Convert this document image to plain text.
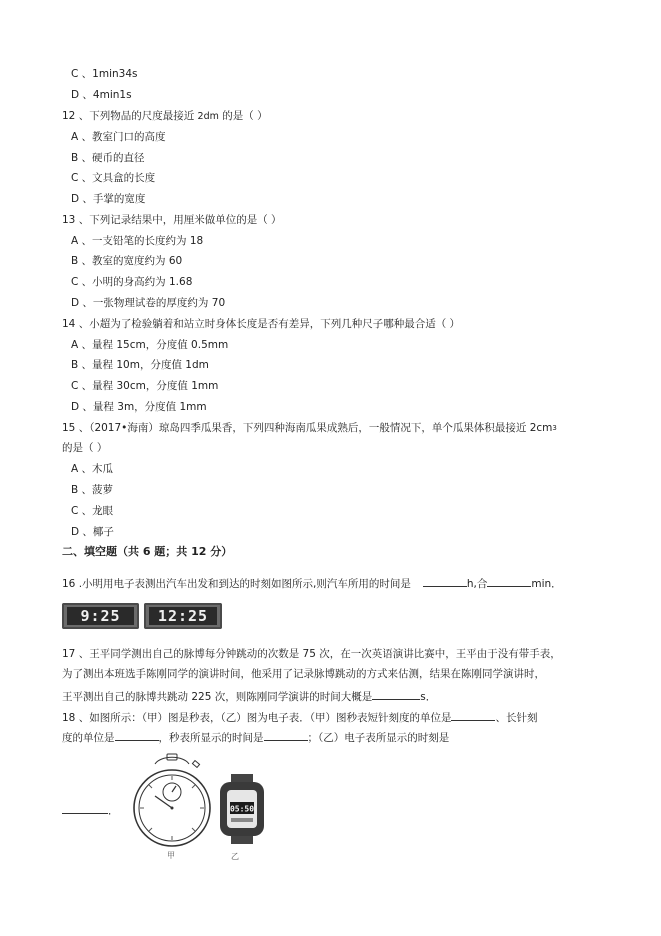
C 、1min34s
D 、4min1s
12 、下列物品的尺度最接近 2dm 的是（ ）
A 、教室门口的高度
B 、硬币的直径
C 、文具盒的长度
D 、手掌的宽度
13 、下列记录结果中，用厘米做单位的是（ ）
A 、一支铅笔的长度约为 18
B 、教室的宽度约为 60
C 、小明的身高约为 1.68
D 、一张物理试卷的厚度约为 70
14 、小超为了检验躺着和站立时身体长度是否有差异，下列几种尺子哪种最合适（ ）
A 、量程 15cm，分度值 0.5mm
B 、量程 10m，分度值 1dm
C 、量程 30cm，分度值 1mm
D 、量程 3m，分度值 1mm
15 、（2017•海南）琼岛四季瓜果香，下列四种海南瓜果成熟后，一般情况下，单个瓜果体积最接近 $2cm^3$
的是（ ）
A 、木瓜
B 、菠萝
C 、龙眼
D 、椰子
二、填空题（共 6 题；共 12 分）
16 .小明用电子表测出汽车出发和到达的时刻如图所示,则汽车所用的时间是	h,合	min．
9:25	12:25
17 、王平同学测出自己的脉博每分钟跳动的次数是 75 次，在一次英语演讲比赛中，王平由于没有带手表，
为了测出本班选手陈刚同学的演讲时间，他采用了记录脉博跳动的方式来估测，结果在陈刚同学演讲时，
王平测出自己的脉博共跳动 225 次，则陈刚同学演讲的时间大概是	s．
18 、如图所示：（甲）图是秒表，（乙）图为电子表．（甲）图秒表短针刻度的单位是	、长针刻
度的单位是	，秒表所显示的时间是	；（乙）电子表所显示的时刻是
．
甲
05:50
乙
